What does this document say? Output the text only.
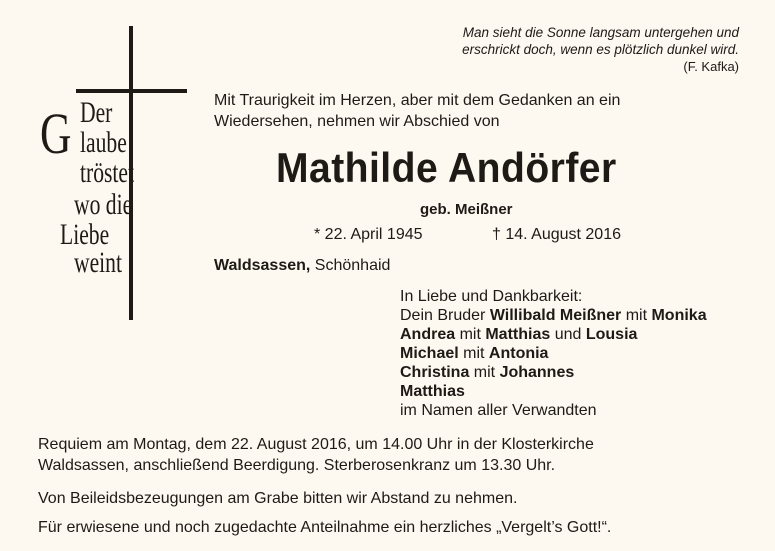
Man sieht die Sonne langsam untergehen und
erschrickt doch, wenn es plötzlich dunkel wird.
(F. Kafka)
G Der
laube
tröstet
wo die
Liebe
weint
Mit Traurigkeit im Herzen, aber mit dem Gedanken an ein
Wiedersehen, nehmen wir Abschied von
Mathilde Andörfer
geb. Meißner
* 22. April 1945	† 14. August 2016
Waldsassen, Schönhaid
In Liebe und Dankbarkeit:
Dein Bruder Willibald Meißner mit Monika
Andrea mit Matthias und Lousia
Michael mit Antonia
Christina mit Johannes
Matthias
im Namen aller Verwandten
Requiem am Montag, dem 22. August 2016, um 14.00 Uhr in der Klosterkirche
Waldsassen, anschließend Beerdigung. Sterberosenkranz um 13.30 Uhr.
Von Beileidsbezeugungen am Grabe bitten wir Abstand zu nehmen.
Für erwiesene und noch zugedachte Anteilnahme ein herzliches „Vergelt’s Gott!“.
